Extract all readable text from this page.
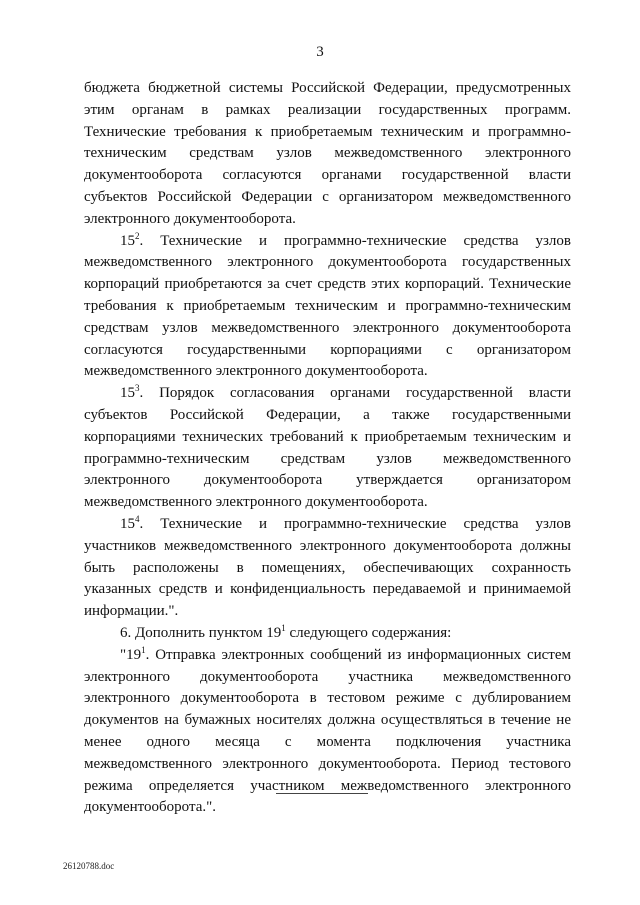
3

бюджета бюджетной системы Российской Федерации, предусмотренных этим органам в рамках реализации государственных программ. Технические требования к приобретаемым техническим и программно-техническим средствам узлов межведомственного электронного документооборота согласуются органами государственной власти субъектов Российской Федерации с организатором межведомственного электронного документооборота.

$15^2$. Технические и программно-технические средства узлов межведомственного электронного документооборота государственных корпораций приобретаются за счет средств этих корпораций. Технические требования к приобретаемым техническим и программно-техническим средствам узлов межведомственного электронного документооборота согласуются государственными корпорациями с организатором межведомственного электронного документооборота.

$15^3$. Порядок согласования органами государственной власти субъектов Российской Федерации, а также государственными корпорациями технических требований к приобретаемым техническим и программно-техническим средствам узлов межведомственного электронного документооборота утверждается организатором межведомственного электронного документооборота.

$15^4$. Технические и программно-технические средства узлов участников межведомственного электронного документооборота должны быть расположены в помещениях, обеспечивающих сохранность указанных средств и конфиденциальность передаваемой и принимаемой информации.".

6. Дополнить пунктом $19^1$ следующего содержания:

"$19^1$. Отправка электронных сообщений из информационных систем электронного документооборота участника межведомственного электронного документооборота в тестовом режиме с дублированием документов на бумажных носителях должна осуществляться в течение не менее одного месяца с момента подключения участника межведомственного электронного документооборота. Период тестового режима определяется участником межведомственного электронного документооборота.".

26120788.doc
